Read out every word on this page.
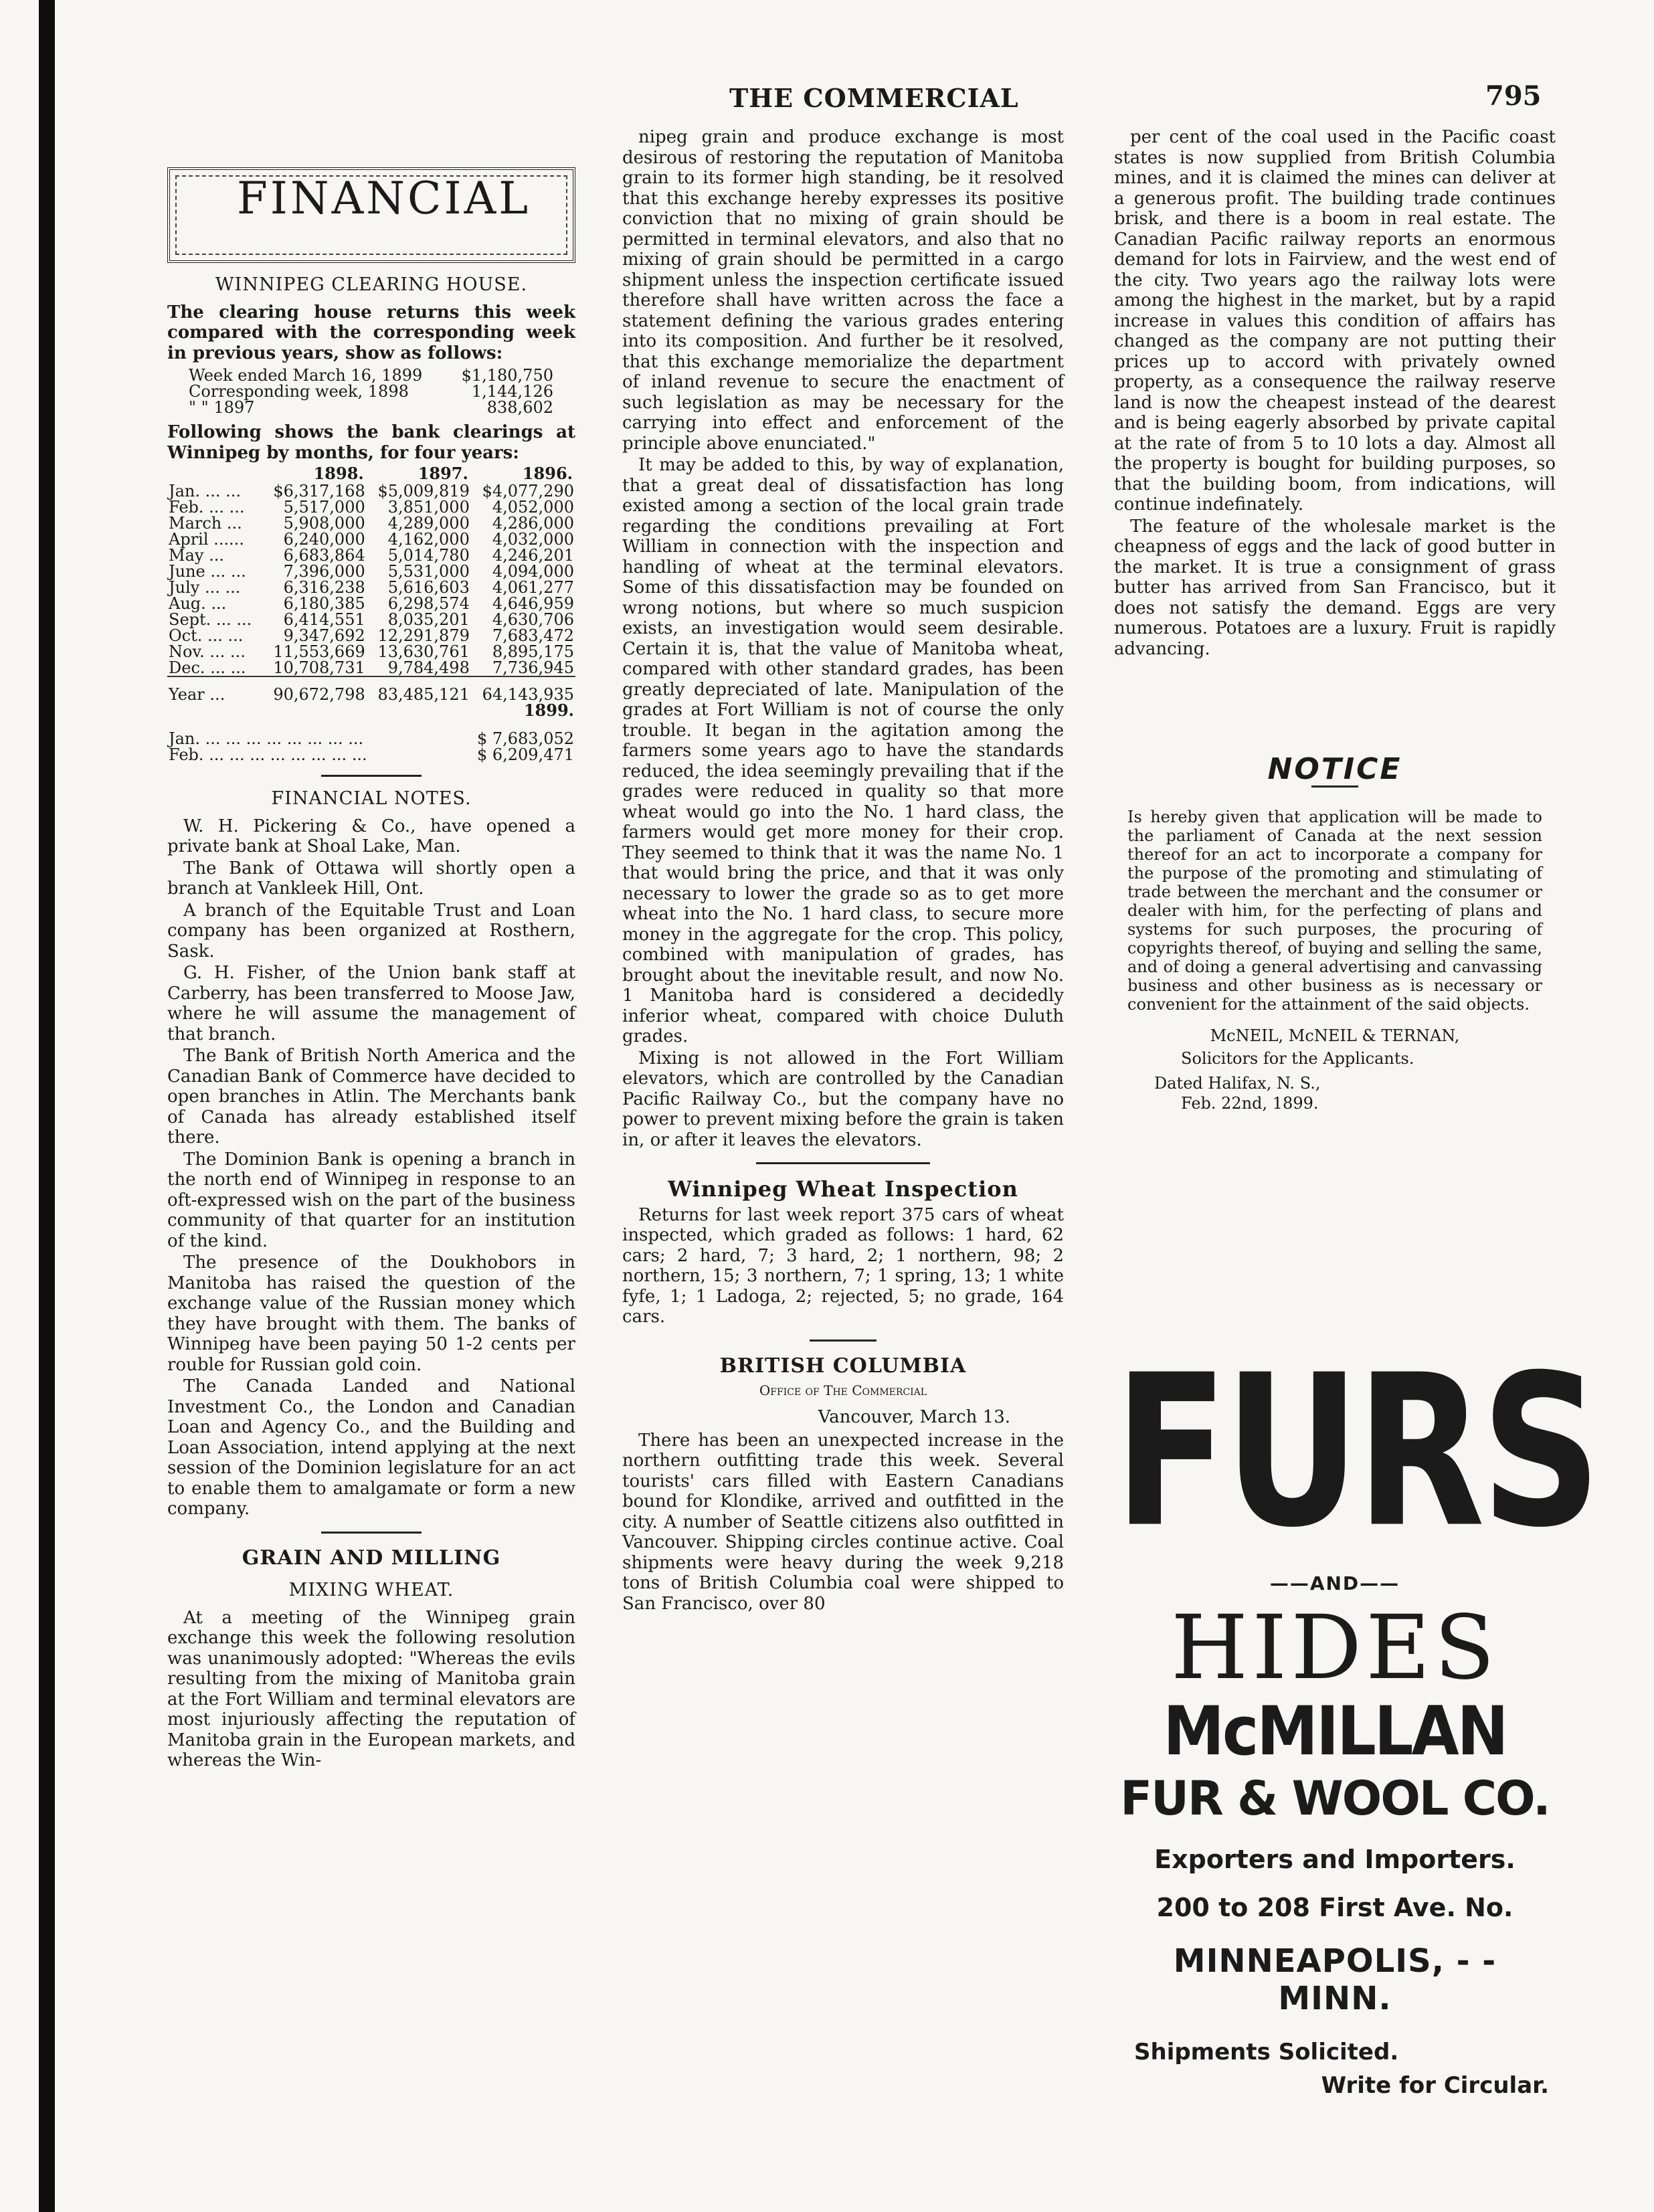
THE COMMERCIAL	795
FINANCIAL
WINNIPEG CLEARING HOUSE.

The clearing house returns this week compared with the corresponding week in previous years, show as follows:

Week ended March 16, 1899	$1,180,750
Corresponding week, 1898	1,144,126
" " 1897	838,602

Following shows the bank clearings at Winnipeg by months, for four years:

	1898.	1897.	1896.
Jan. ... ...	$6,317,168	$5,009,819	$4,077,290
Feb. ... ...	5,517,000	3,851,000	4,052,000
March ...	5,908,000	4,289,000	4,286,000
April ......	6,240,000	4,162,000	4,032,000
May ...	6,683,864	5,014,780	4,246,201
June ... ...	7,396,000	5,531,000	4,094,000
July ... ...	6,316,238	5,616,603	4,061,277
Aug. ...	6,180,385	6,298,574	4,646,959
Sept. ... ...	6,414,551	8,035,201	4,630,706
Oct. ... ...	9,347,692	12,291,879	7,683,472
Nov. ... ...	11,553,669	13,630,761	8,895,175
Dec. ... ...	10,708,731	9,784,498	7,736,945
Year ...	90,672,798	83,485,121	64,143,935
			1899.

Jan. ... ... ... ... ... ... ... ...	$ 7,683,052
Feb. ... ... ... ... ... ... ... ...	$ 6,209,471
FINANCIAL NOTES.

W. H. Pickering & Co., have opened a private bank at Shoal Lake, Man.

The Bank of Ottawa will shortly open a branch at Vankleek Hill, Ont.

A branch of the Equitable Trust and Loan company has been organized at Rosthern, Sask.

G. H. Fisher, of the Union bank staff at Carberry, has been transferred to Moose Jaw, where he will assume the management of that branch.

The Bank of British North America and the Canadian Bank of Commerce have decided to open branches in Atlin. The Merchants bank of Canada has already established itself there.

The Dominion Bank is opening a branch in the north end of Winnipeg in response to an oft-expressed wish on the part of the business community of that quarter for an institution of the kind.

The presence of the Doukhobors in Manitoba has raised the question of the exchange value of the Russian money which they have brought with them. The banks of Winnipeg have been paying 50 1-2 cents per rouble for Russian gold coin.

The Canada Landed and National Investment Co., the London and Canadian Loan and Agency Co., and the Building and Loan Association, intend applying at the next session of the Dominion legislature for an act to enable them to amalgamate or form a new company.

GRAIN AND MILLING
MIXING WHEAT.

At a meeting of the Winnipeg grain exchange this week the following resolution was unanimously adopted: "Whereas the evils resulting from the mixing of Manitoba grain at the Fort William and terminal elevators are most injuriously affecting the reputation of Manitoba grain in the European markets, and whereas the Win-

nipeg grain and produce exchange is most desirous of restoring the reputation of Manitoba grain to its former high standing, be it resolved that this exchange hereby expresses its positive conviction that no mixing of grain should be permitted in terminal elevators, and also that no mixing of grain should be permitted in a cargo shipment unless the inspection certificate issued therefore shall have written across the face a statement defining the various grades entering into its composition. And further be it resolved, that this exchange memorialize the department of inland revenue to secure the enactment of such legislation as may be necessary for the carrying into effect and enforcement of the principle above enunciated."

It may be added to this, by way of explanation, that a great deal of dissatisfaction has long existed among a section of the local grain trade regarding the conditions prevailing at Fort William in connection with the inspection and handling of wheat at the terminal elevators. Some of this dissatisfaction may be founded on wrong notions, but where so much suspicion exists, an investigation would seem desirable. Certain it is, that the value of Manitoba wheat, compared with other standard grades, has been greatly depreciated of late. Manipulation of the grades at Fort William is not of course the only trouble. It began in the agitation among the farmers some years ago to have the standards reduced, the idea seemingly prevailing that if the grades were reduced in quality so that more wheat would go into the No. 1 hard class, the farmers would get more money for their crop. They seemed to think that it was the name No. 1 that would bring the price, and that it was only necessary to lower the grade so as to get more wheat into the No. 1 hard class, to secure more money in the aggregate for the crop. This policy, combined with manipulation of grades, has brought about the inevitable result, and now No. 1 Manitoba hard is considered a decidedly inferior wheat, compared with choice Duluth grades.

Mixing is not allowed in the Fort William elevators, which are controlled by the Canadian Pacific Railway Co., but the company have no power to prevent mixing before the grain is taken in, or after it leaves the elevators.

Winnipeg Wheat Inspection

Returns for last week report 375 cars of wheat inspected, which graded as follows: 1 hard, 62 cars; 2 hard, 7; 3 hard, 2; 1 northern, 98; 2 northern, 15; 3 northern, 7; 1 spring, 13; 1 white fyfe, 1; 1 Ladoga, 2; rejected, 5; no grade, 164 cars.

BRITISH COLUMBIA
Office of The Commercial

Vancouver, March 13.

There has been an unexpected increase in the northern outfitting trade this week. Several tourists' cars filled with Eastern Canadians bound for Klondike, arrived and outfitted in the city. A number of Seattle citizens also outfitted in Vancouver. Shipping circles continue active. Coal shipments were heavy during the week 9,218 tons of British Columbia coal were shipped to San Francisco, over 80

per cent of the coal used in the Pacific coast states is now supplied from British Columbia mines, and it is claimed the mines can deliver at a generous profit. The building trade continues brisk, and there is a boom in real estate. The Canadian Pacific railway reports an enormous demand for lots in Fairview, and the west end of the city. Two years ago the railway lots were among the highest in the market, but by a rapid increase in values this condition of affairs has changed as the company are not putting their prices up to accord with privately owned property, as a consequence the railway reserve land is now the cheapest instead of the dearest and is being eagerly absorbed by private capital at the rate of from 5 to 10 lots a day. Almost all the property is bought for building purposes, so that the building boom, from indications, will continue indefinately.

The feature of the wholesale market is the cheapness of eggs and the lack of good butter in the market. It is true a consignment of grass butter has arrived from San Francisco, but it does not satisfy the demand. Eggs are very numerous. Potatoes are a luxury. Fruit is rapidly advancing.

NOTICE
Is hereby given that application will be made to the parliament of Canada at the next session thereof for an act to incorporate a company for the purpose of the promoting and stimulating of trade between the merchant and the consumer or dealer with him, for the perfecting of plans and systems for such purposes, the procuring of copyrights thereof, of buying and selling the same, and of doing a general advertising and canvassing business and other business as is necessary or convenient for the attainment of the said objects.
McNEIL, McNEIL & TERNAN,
Solicitors for the Applicants.
Dated Halifax, N. S.,
Feb. 22nd, 1899.
FURS
——AND——
HIDES
McMILLAN
FUR & WOOL CO.
Exporters and Importers.
200 to 208 First Ave. No.
MINNEAPOLIS, - - MINN.
Shipments Solicited.
Write for Circular.
